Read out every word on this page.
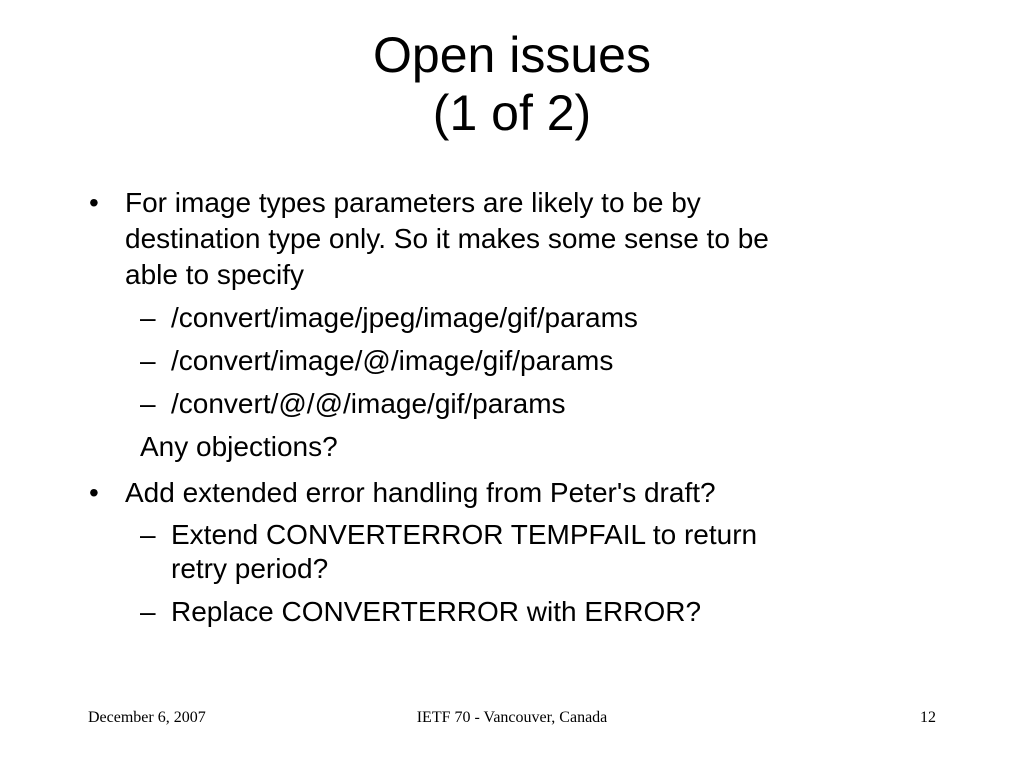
Open issues
(1 of 2)
• For image types parameters are likely to be by
destination type only. So it makes some sense to be
able to specify
– /convert/image/jpeg/image/gif/params
– /convert/image/@/image/gif/params
– /convert/@/@/image/gif/params
Any objections?
• Add extended error handling from Peter's draft?
– Extend CONVERTERROR TEMPFAIL to return
retry period?
– Replace CONVERTERROR with ERROR?
December 6, 2007	IETF 70 - Vancouver, Canada	12
